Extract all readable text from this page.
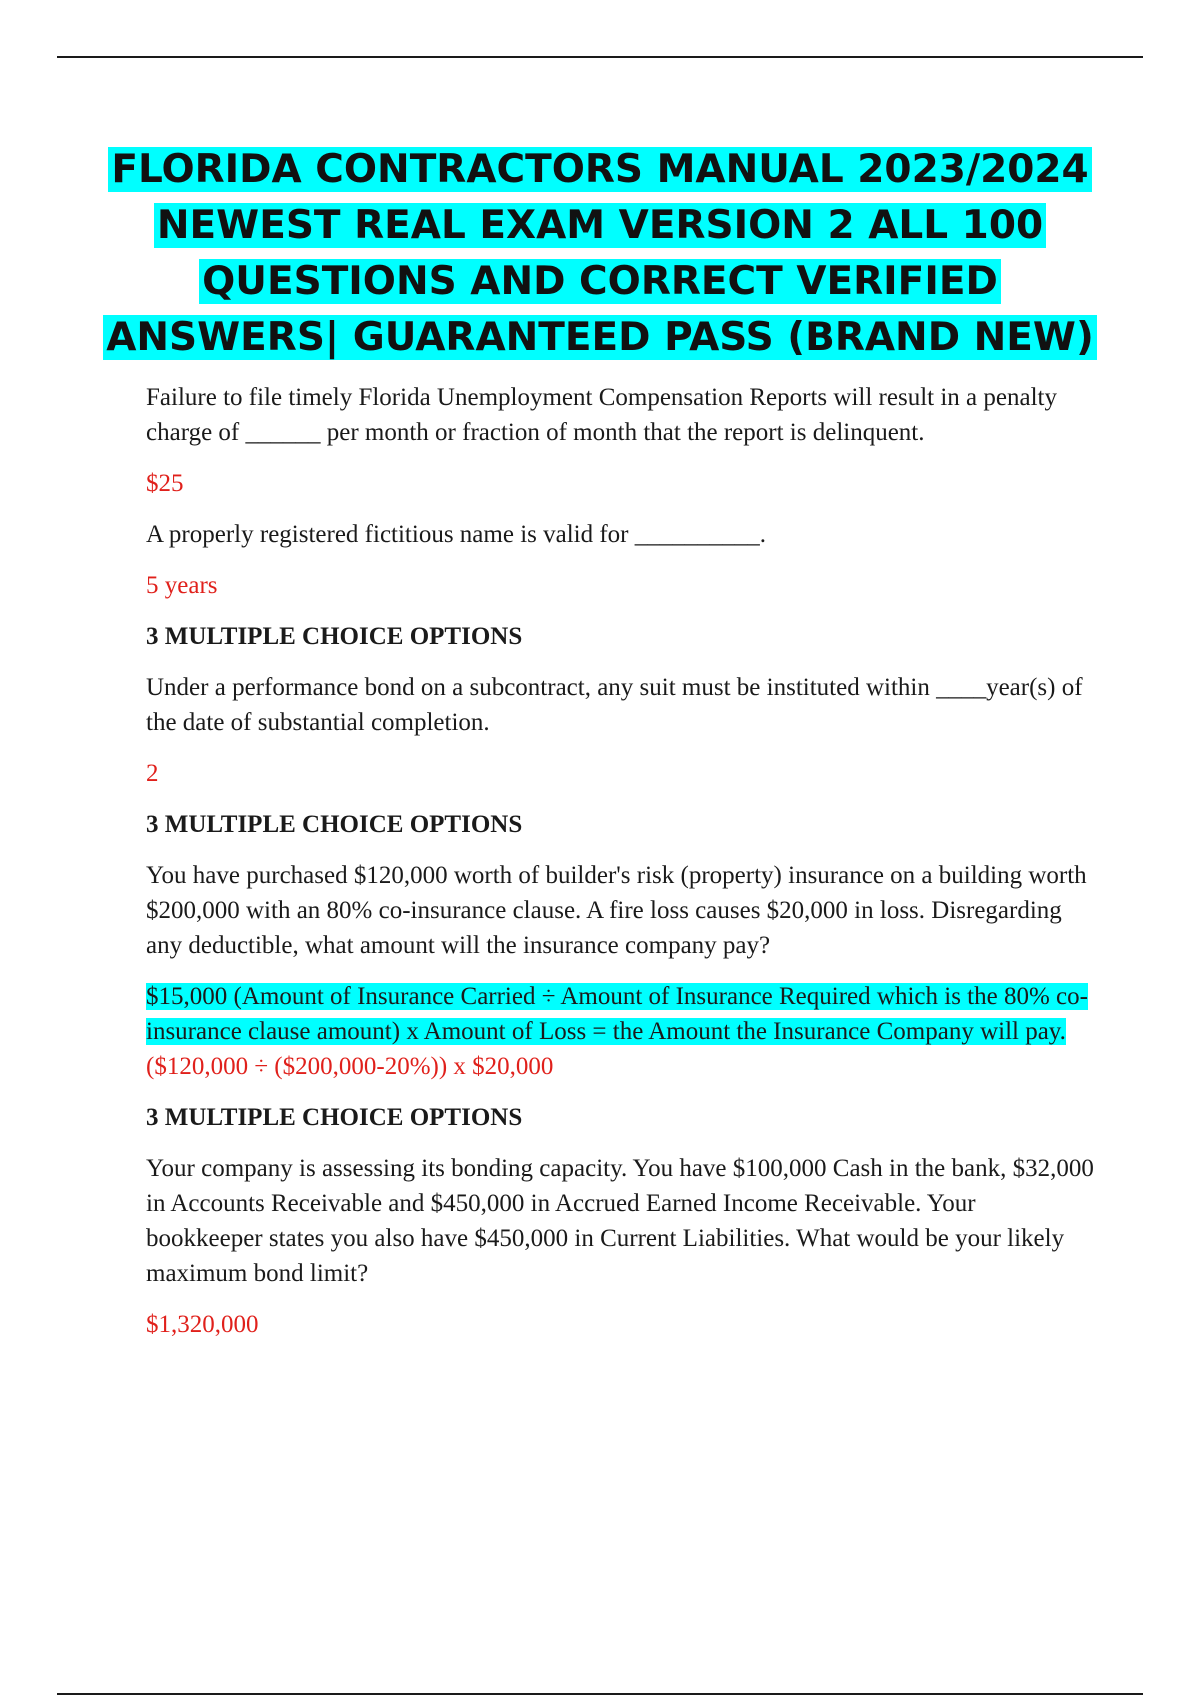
FLORIDA CONTRACTORS MANUAL 2023/2024
NEWEST REAL EXAM VERSION 2 ALL 100
QUESTIONS AND CORRECT VERIFIED
ANSWERS| GUARANTEED PASS (BRAND NEW)

Failure to file timely Florida Unemployment Compensation Reports will result in a penalty charge of ______ per month or fraction of month that the report is delinquent.

$25

A properly registered fictitious name is valid for __________.

5 years

3 MULTIPLE CHOICE OPTIONS

Under a performance bond on a subcontract, any suit must be instituted within ____year(s) of the date of substantial completion.

2

3 MULTIPLE CHOICE OPTIONS

You have purchased $120,000 worth of builder's risk (property) insurance on a building worth $200,000 with an 80% co-insurance clause. A fire loss causes $20,000 in loss. Disregarding any deductible, what amount will the insurance company pay?

$15,000 (Amount of Insurance Carried ÷ Amount of Insurance Required which is the 80% co-insurance clause amount) x Amount of Loss = the Amount the Insurance Company will pay.

($120,000 ÷ ($200,000-20%)) x $20,000

3 MULTIPLE CHOICE OPTIONS

Your company is assessing its bonding capacity. You have $100,000 Cash in the bank, $32,000 in Accounts Receivable and $450,000 in Accrued Earned Income Receivable. Your bookkeeper states you also have $450,000 in Current Liabilities. What would be your likely maximum bond limit?

$1,320,000
